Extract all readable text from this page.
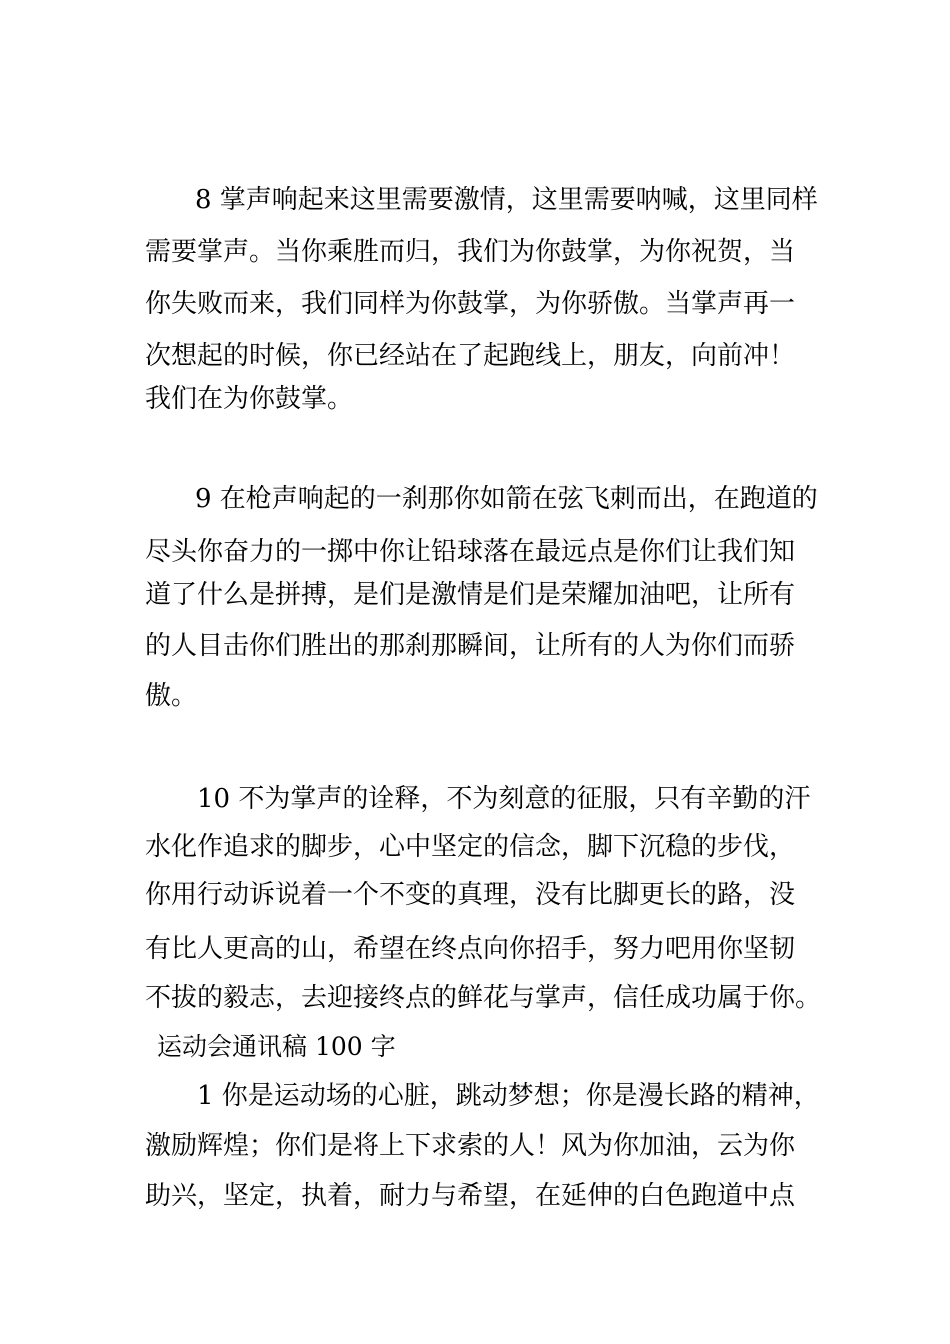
8 掌声响起来这里需要激情，这里需要呐喊，这里同样
需要掌声。当你乘胜而归，我们为你鼓掌，为你祝贺，当
你失败而来，我们同样为你鼓掌，为你骄傲。当掌声再一
次想起的时候，你已经站在了起跑线上，朋友，向前冲！
我们在为你鼓掌。
9 在枪声响起的一刹那你如箭在弦飞刺而出，在跑道的
尽头你奋力的一掷中你让铅球落在最远点是你们让我们知
道了什么是拼搏，是们是激情是们是荣耀加油吧，让所有
的人目击你们胜出的那刹那瞬间，让所有的人为你们而骄
傲。
10 不为掌声的诠释，不为刻意的征服，只有辛勤的汗
水化作追求的脚步，心中坚定的信念，脚下沉稳的步伐，
你用行动诉说着一个不变的真理，没有比脚更长的路，没
有比人更高的山，希望在终点向你招手，努力吧用你坚韧
不拔的毅志，去迎接终点的鲜花与掌声，信任成功属于你。
运动会通讯稿 100 字
1 你是运动场的心脏，跳动梦想；你是漫长路的精神，
激励辉煌；你们是将上下求索的人！风为你加油，云为你
助兴，坚定，执着，耐力与希望，在延伸的白色跑道中点
